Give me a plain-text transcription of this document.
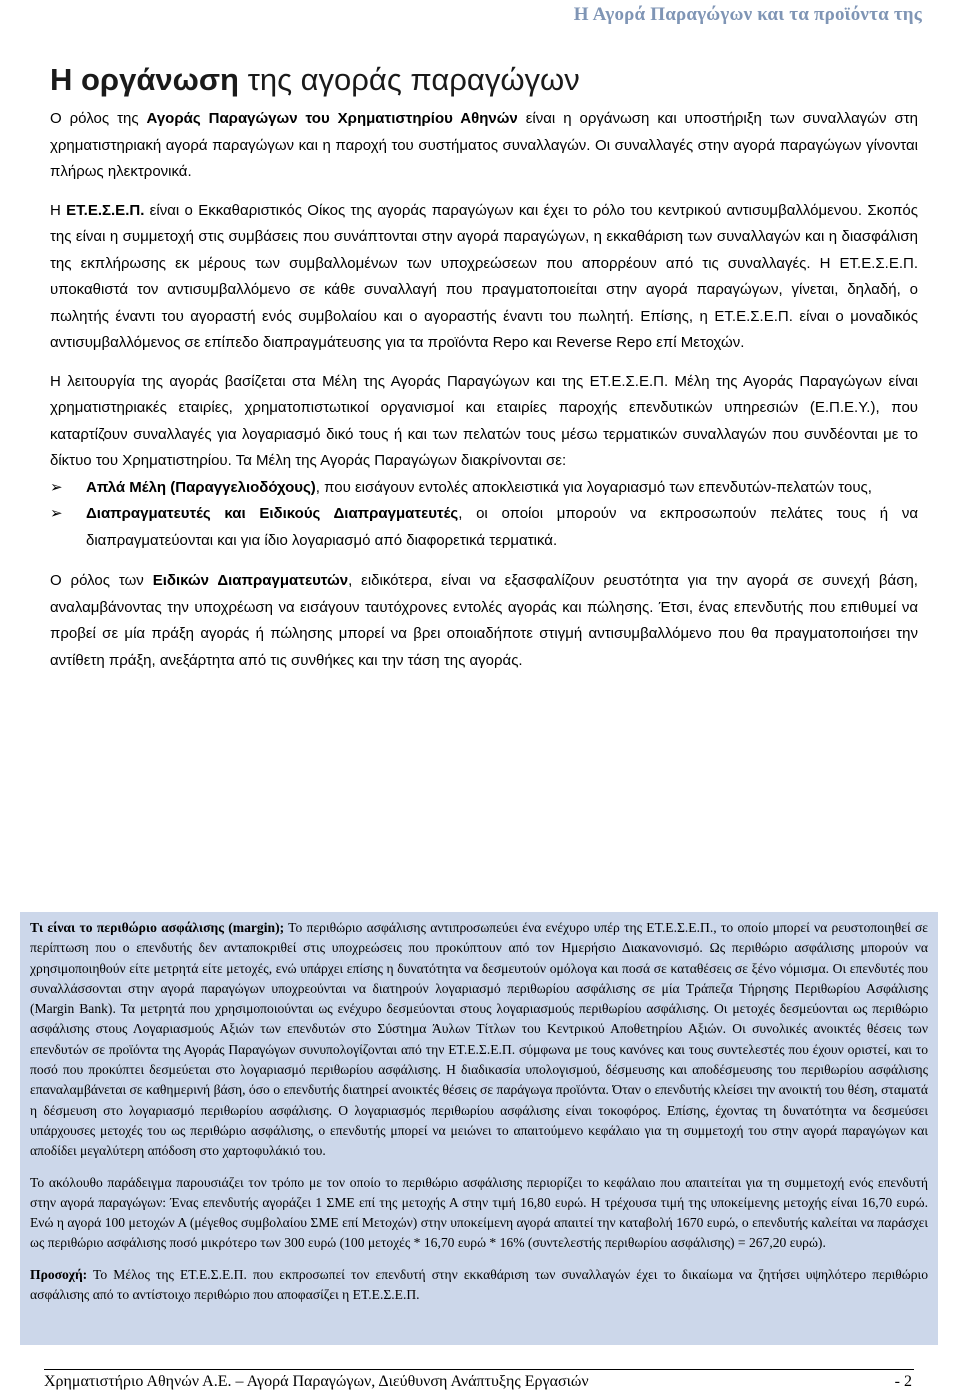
Η Αγορά Παραγώγων και τα προϊόντα της
Η οργάνωση της αγοράς παραγώγων

Ο ρόλος της Αγοράς Παραγώγων του Χρηματιστηρίου Αθηνών είναι η οργάνωση και υποστήριξη των συναλλαγών στη χρηματιστηριακή αγορά παραγώγων και η παροχή του συστήματος συναλλαγών. Οι συναλλαγές στην αγορά παραγώγων γίνονται πλήρως ηλεκτρονικά.

Η ΕΤ.Ε.Σ.Ε.Π. είναι ο Εκκαθαριστικός Οίκος της αγοράς παραγώγων και έχει το ρόλο του κεντρικού αντισυμβαλλόμενου. Σκοπός της είναι η συμμετοχή στις συμβάσεις που συνάπτονται στην αγορά παραγώγων, η εκκαθάριση των συναλλαγών και η διασφάλιση της εκπλήρωσης εκ μέρους των συμβαλλομένων των υποχρεώσεων που απορρέουν από τις συναλλαγές. Η ΕΤ.Ε.Σ.Ε.Π. υποκαθιστά τον αντισυμβαλλόμενο σε κάθε συναλλαγή που πραγματοποιείται στην αγορά παραγώγων, γίνεται, δηλαδή, ο πωλητής έναντι του αγοραστή ενός συμβολαίου και ο αγοραστής έναντι του πωλητή. Επίσης, η ΕΤ.Ε.Σ.Ε.Π. είναι ο μοναδικός αντισυμβαλλόμενος σε επίπεδο διαπραγμάτευσης για τα προϊόντα Repo και Reverse Repo επί Μετοχών.

Η λειτουργία της αγοράς βασίζεται στα Μέλη της Αγοράς Παραγώγων και της ΕΤ.Ε.Σ.Ε.Π. Μέλη της Αγοράς Παραγώγων είναι χρηματιστηριακές εταιρίες, χρηματοπιστωτικοί οργανισμοί και εταιρίες παροχής επενδυτικών υπηρεσιών (Ε.Π.Ε.Υ.), που καταρτίζουν συναλλαγές για λογαριασμό δικό τους ή και των πελατών τους μέσω τερματικών συναλλαγών που συνδέονται με το δίκτυο του Χρηματιστηρίου. Τα Μέλη της Αγοράς Παραγώγων διακρίνονται σε:

➢ Απλά Μέλη (Παραγγελιοδόχους), που εισάγουν εντολές αποκλειστικά για λογαριασμό των επενδυτών-πελατών τους,
➢ Διαπραγματευτές και Ειδικούς Διαπραγματευτές, οι οποίοι μπορούν να εκπροσωπούν πελάτες τους ή να διαπραγματεύονται και για ίδιο λογαριασμό από διαφορετικά τερματικά.

Ο ρόλος των Ειδικών Διαπραγματευτών, ειδικότερα, είναι να εξασφαλίζουν ρευστότητα για την αγορά σε συνεχή βάση, αναλαμβάνοντας την υποχρέωση να εισάγουν ταυτόχρονες εντολές αγοράς και πώλησης. Έτσι, ένας επενδυτής που επιθυμεί να προβεί σε μία πράξη αγοράς ή πώλησης μπορεί να βρει οποιαδήποτε στιγμή αντισυμβαλλόμενο που θα πραγματοποιήσει την αντίθετη πράξη, ανεξάρτητα από τις συνθήκες και την τάση της αγοράς.

Τι είναι το περιθώριο ασφάλισης (margin); Το περιθώριο ασφάλισης αντιπροσωπεύει ένα ενέχυρο υπέρ της ΕΤ.Ε.Σ.Ε.Π., το οποίο μπορεί να ρευστοποιηθεί σε περίπτωση που ο επενδυτής δεν ανταποκριθεί στις υποχρεώσεις που προκύπτουν από τον Ημερήσιο Διακανονισμό. Ως περιθώριο ασφάλισης μπορούν να χρησιμοποιηθούν είτε μετρητά είτε μετοχές, ενώ υπάρχει επίσης η δυνατότητα να δεσμευτούν ομόλογα και ποσά σε καταθέσεις σε ξένο νόμισμα. Οι επενδυτές που συναλλάσσονται στην αγορά παραγώγων υποχρεούνται να διατηρούν λογαριασμό περιθωρίου ασφάλισης σε μία Τράπεζα Τήρησης Περιθωρίου Ασφάλισης (Margin Bank). Τα μετρητά που χρησιμοποιούνται ως ενέχυρο δεσμεύονται στους λογαριασμούς περιθωρίου ασφάλισης. Οι μετοχές δεσμεύονται ως περιθώριο ασφάλισης στους Λογαριασμούς Αξιών των επενδυτών στο Σύστημα Άυλων Τίτλων του Κεντρικού Αποθετηρίου Αξιών. Οι συνολικές ανοικτές θέσεις των επενδυτών σε προϊόντα της Αγοράς Παραγώγων συνυπολογίζονται από την ΕΤ.Ε.Σ.Ε.Π. σύμφωνα με τους κανόνες και τους συντελεστές που έχουν οριστεί, και το ποσό που προκύπτει δεσμεύεται στο λογαριασμό περιθωρίου ασφάλισης. Η διαδικασία υπολογισμού, δέσμευσης και αποδέσμευσης του περιθωρίου ασφάλισης επαναλαμβάνεται σε καθημερινή βάση, όσο ο επενδυτής διατηρεί ανοικτές θέσεις σε παράγωγα προϊόντα. Όταν ο επενδυτής κλείσει την ανοικτή του θέση, σταματά η δέσμευση στο λογαριασμό περιθωρίου ασφάλισης. Ο λογαριασμός περιθωρίου ασφάλισης είναι τοκοφόρος. Επίσης, έχοντας τη δυνατότητα να δεσμεύσει υπάρχουσες μετοχές του ως περιθώριο ασφάλισης, ο επενδυτής μπορεί να μειώνει το απαιτούμενο κεφάλαιο για τη συμμετοχή του στην αγορά παραγώγων και αποδίδει μεγαλύτερη απόδοση στο χαρτοφυλάκιό του.

Το ακόλουθο παράδειγμα παρουσιάζει τον τρόπο με τον οποίο το περιθώριο ασφάλισης περιορίζει το κεφάλαιο που απαιτείται για τη συμμετοχή ενός επενδυτή στην αγορά παραγώγων: Ένας επενδυτής αγοράζει 1 ΣΜΕ επί της μετοχής Α στην τιμή 16,80 ευρώ. Η τρέχουσα τιμή της υποκείμενης μετοχής είναι 16,70 ευρώ. Ενώ η αγορά 100 μετοχών Α (μέγεθος συμβολαίου ΣΜΕ επί Μετοχών) στην υποκείμενη αγορά απαιτεί την καταβολή 1670 ευρώ, ο επενδυτής καλείται να παράσχει ως περιθώριο ασφάλισης ποσό μικρότερο των 300 ευρώ (100 μετοχές * 16,70 ευρώ * 16% (συντελεστής περιθωρίου ασφάλισης) = 267,20 ευρώ).

Προσοχή: Το Μέλος της ΕΤ.Ε.Σ.Ε.Π. που εκπροσωπεί τον επενδυτή στην εκκαθάριση των συναλλαγών έχει το δικαίωμα να ζητήσει υψηλότερο περιθώριο ασφάλισης από το αντίστοιχο περιθώριο που αποφασίζει η ΕΤ.Ε.Σ.Ε.Π.

Χρηματιστήριο Αθηνών Α.Ε. – Αγορά Παραγώγων, Διεύθυνση Ανάπτυξης Εργασιών	- 2
